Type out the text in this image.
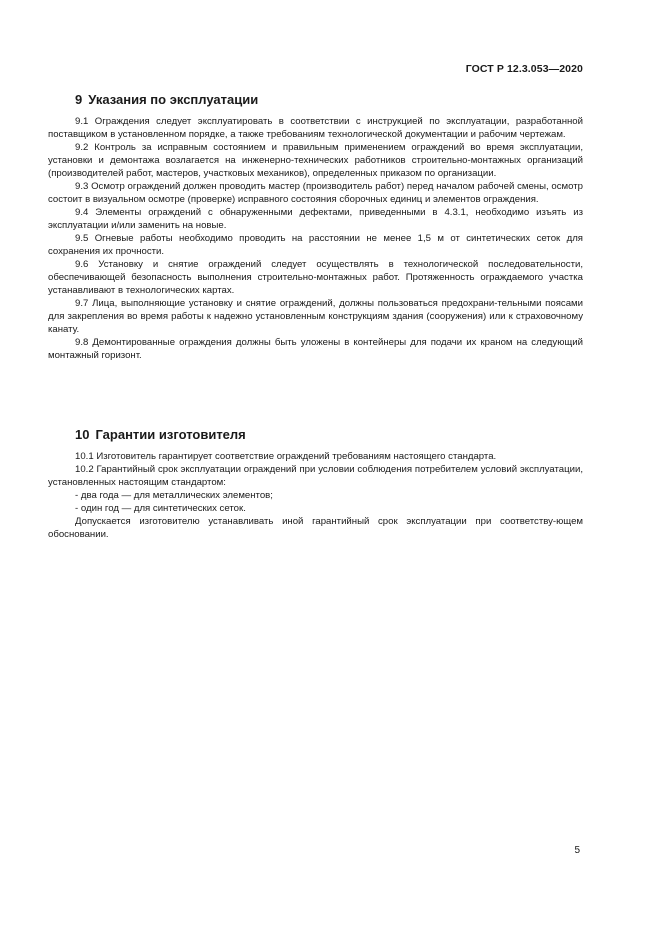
ГОСТ Р 12.3.053—2020
9 Указания по эксплуатации

9.1 Ограждения следует эксплуатировать в соответствии с инструкцией по эксплуатации, разработанной поставщиком в установленном порядке, а также требованиям технологической документации и рабочим чертежам.

9.2 Контроль за исправным состоянием и правильным применением ограждений во время эксплуатации, установки и демонтажа возлагается на инженерно-технических работников строительно-монтажных организаций (производителей работ, мастеров, участковых механиков), определенных приказом по организации.

9.3 Осмотр ограждений должен проводить мастер (производитель работ) перед началом рабочей смены, осмотр состоит в визуальном осмотре (проверке) исправного состояния сборочных единиц и элементов ограждения.

9.4 Элементы ограждений с обнаруженными дефектами, приведенными в 4.3.1, необходимо изъять из эксплуатации и/или заменить на новые.

9.5 Огневые работы необходимо проводить на расстоянии не менее 1,5 м от синтетических сеток для сохранения их прочности.

9.6 Установку и снятие ограждений следует осуществлять в технологической последовательности, обеспечивающей безопасность выполнения строительно-монтажных работ. Протяженность ограждаемого участка устанавливают в технологических картах.

9.7 Лица, выполняющие установку и снятие ограждений, должны пользоваться предохрани-тельными поясами для закрепления во время работы к надежно установленным конструкциям здания (сооружения) или к страховочному канату.

9.8 Демонтированные ограждения должны быть уложены в контейнеры для подачи их краном на следующий монтажный горизонт.

10 Гарантии изготовителя

10.1 Изготовитель гарантирует соответствие ограждений требованиям настоящего стандарта.

10.2 Гарантийный срок эксплуатации ограждений при условии соблюдения потребителем условий эксплуатации, установленных настоящим стандартом:

- два года — для металлических элементов;

- один год — для синтетических сеток.

Допускается изготовителю устанавливать иной гарантийный срок эксплуатации при соответству-ющем обосновании.

5
